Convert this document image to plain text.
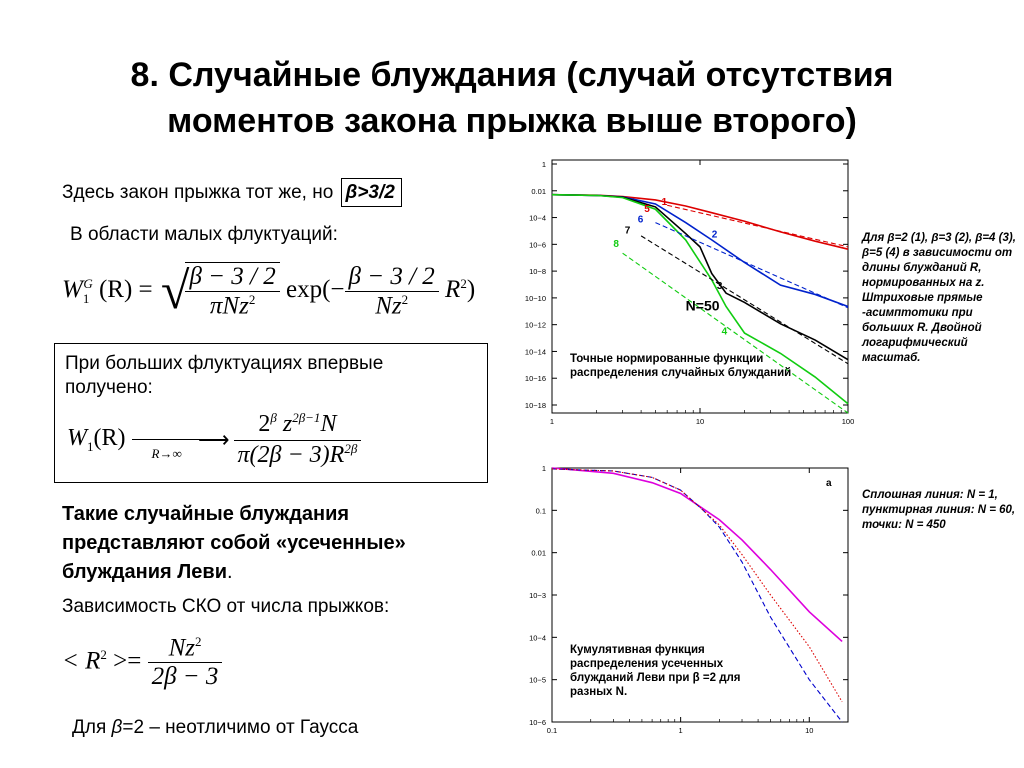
8. Случайные блуждания (случай отсутствия
моментов закона прыжка выше второго)
Здесь закон прыжка тот же, но β>3/2
В области малых флуктуаций:
$W_1^G$ (R) = √
$\frac{\beta - 3 / 2}{\pi Nz^2} \exp(- \frac{\beta - 3 / 2}{Nz^2} R^2)$
При больших флуктуациях впервые получено:
$W_1(R)$	⟶
R→∞
$\frac{2^\beta z^{2\beta-1}N}{\pi(2\beta - 3)R^{2\beta}}$
Такие случайные блуждания представляют собой «усеченные» блуждания Леви.
Зависимость СКО от числа прыжков:
< $R^2 >= \frac{Nz^2}{2\beta - 3}$
Для β=2 – неотличимо от Гаусса
1
0.01
10−4
10−6
10−8
10−10
10−12
10−14
10−16
10−18
1	10	100
1
2
3
4
5
6
7
8
N=50
Точные нормированные функции распределения случайных блужданий
1
0.1
0.01
10−3
10−4
10−5
10−6
0.1	1	10
a
Кумулятивная функция распределения усеченных блужданий Леви при β =2 для разных N.
Для β=2 (1), β=3 (2), β=4 (3), β=5 (4) в зависимости от длины блужданий R, нормированных на z. Штриховые прямые -асимптотики при больших R. Двойной логарифмический масштаб.
Сплошная линия: N = 1, пунктирная линия: N = 60, точки: N = 450
